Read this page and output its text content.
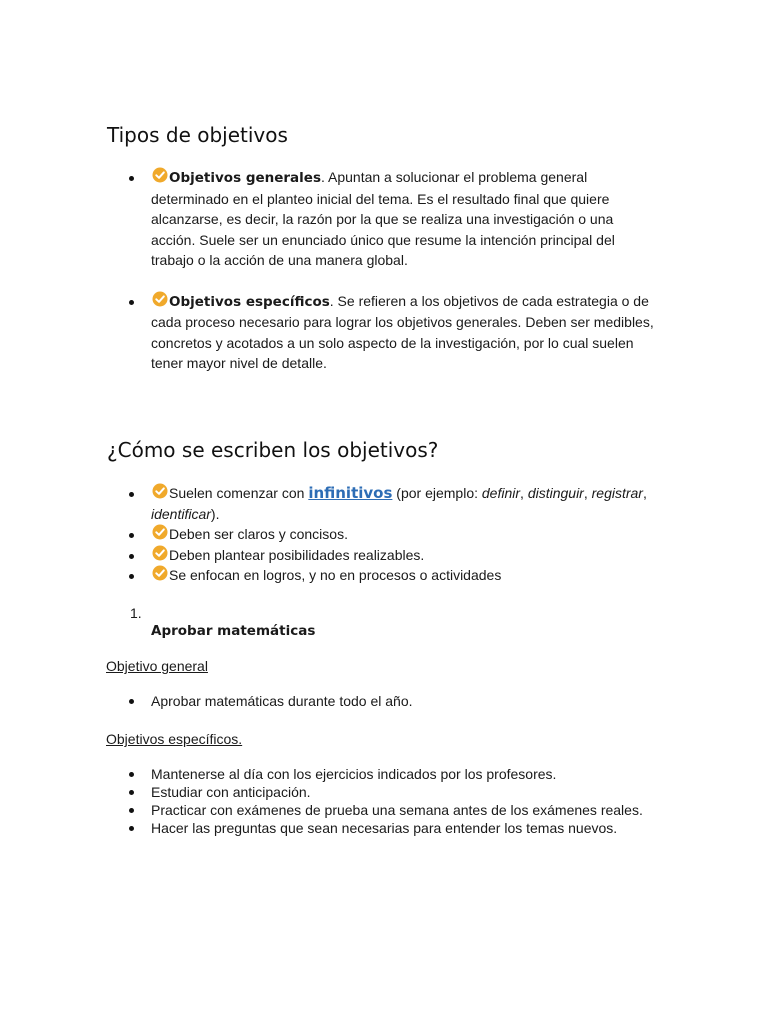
Tipos de objetivos
Objetivos generales. Apuntan a solucionar el problema general determinado en el planteo inicial del tema. Es el resultado final que quiere alcanzarse, es decir, la razón por la que se realiza una investigación o una acción. Suele ser un enunciado único que resume la intención principal del trabajo o la acción de una manera global.
Objetivos específicos. Se refieren a los objetivos de cada estrategia o de cada proceso necesario para lograr los objetivos generales. Deben ser medibles, concretos y acotados a un solo aspecto de la investigación, por lo cual suelen tener mayor nivel de detalle.
¿Cómo se escriben los objetivos?
Suelen comenzar con infinitivos (por ejemplo: definir, distinguir, registrar, identificar).
Deben ser claros y concisos.
Deben plantear posibilidades realizables.
Se enfocan en logros, y no en procesos o actividades
1.
Aprobar matemáticas
Objetivo general
Aprobar matemáticas durante todo el año.
Objetivos específicos.
Mantenerse al día con los ejercicios indicados por los profesores.
Estudiar con anticipación.
Practicar con exámenes de prueba una semana antes de los exámenes reales.
Hacer las preguntas que sean necesarias para entender los temas nuevos.
